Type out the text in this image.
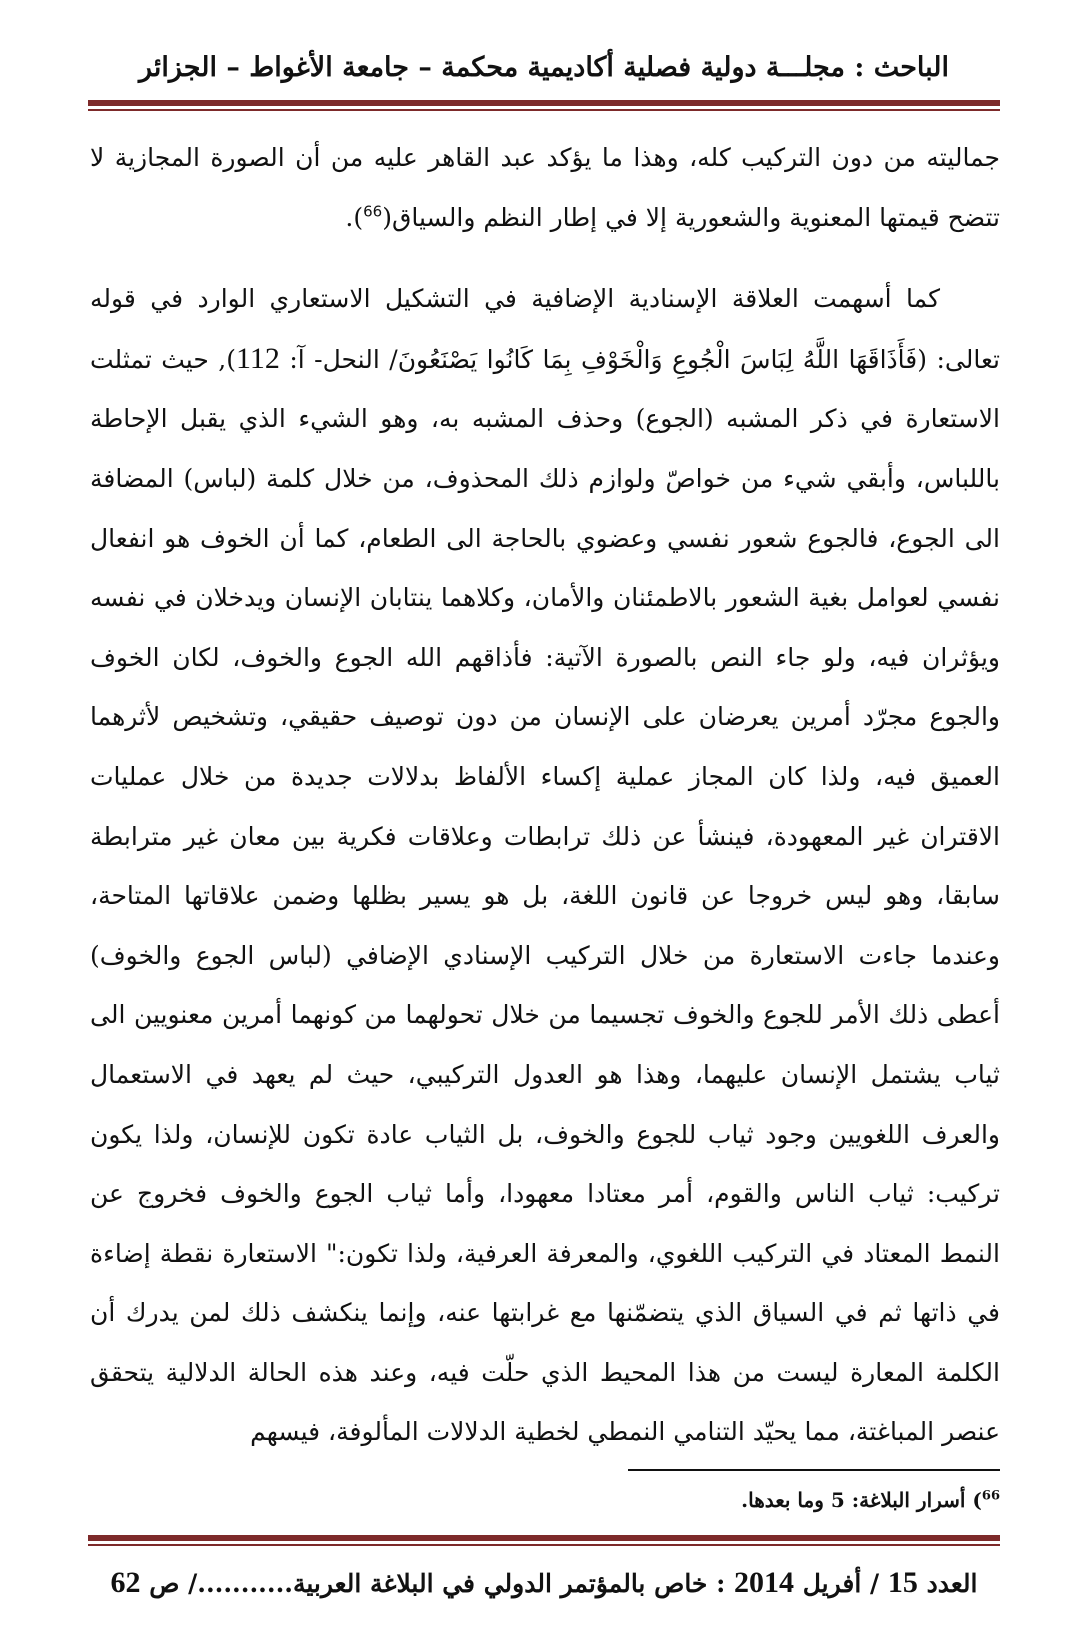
الباحث : مجلـــة دولية فصلية أكاديمية محكمة – جامعة الأغواط – الجزائر

جماليته من دون التركيب كله، وهذا ما يؤكد عبد القاهر عليه من أن الصورة المجازية لا تتضح قيمتها المعنوية والشعورية إلا في إطار النظم والسياق($^{66}$).

كما أسهمت العلاقة الإسنادية الإضافية في التشكيل الاستعاري الوارد في قوله تعالى: (فَأَذَاقَهَا اللَّهُ لِبَاسَ الْجُوعِ وَالْخَوْفِ بِمَا كَانُوا يَصْنَعُونَ/ النحل- آ: 112), حيث تمثلت الاستعارة في ذكر المشبه (الجوع) وحذف المشبه به، وهو الشيء الذي يقبل الإحاطة باللباس، وأبقي شيء من خواصّ ولوازم ذلك المحذوف، من خلال كلمة (لباس) المضافة الى الجوع، فالجوع شعور نفسي وعضوي بالحاجة الى الطعام، كما أن الخوف هو انفعال نفسي لعوامل بغية الشعور بالاطمئنان والأمان، وكلاهما ينتابان الإنسان ويدخلان في نفسه ويؤثران فيه، ولو جاء النص بالصورة الآتية: فأذاقهم الله الجوع والخوف، لكان الخوف والجوع مجرّد أمرين يعرضان على الإنسان من دون توصيف حقيقي، وتشخيص لأثرهما العميق فيه، ولذا كان المجاز عملية إكساء الألفاظ بدلالات جديدة من خلال عمليات الاقتران غير المعهودة، فينشأ عن ذلك ترابطات وعلاقات فكرية بين معان غير مترابطة سابقا، وهو ليس خروجا عن قانون اللغة، بل هو يسير بظلها وضمن علاقاتها المتاحة، وعندما جاءت الاستعارة من خلال التركيب الإسنادي الإضافي (لباس الجوع والخوف) أعطى ذلك الأمر للجوع والخوف تجسيما من خلال تحولهما من كونهما أمرين معنويين الى ثياب يشتمل الإنسان عليهما، وهذا هو العدول التركيبي، حيث لم يعهد في الاستعمال والعرف اللغويين وجود ثياب للجوع والخوف، بل الثياب عادة تكون للإنسان، ولذا يكون تركيب: ثياب الناس والقوم، أمر معتادا معهودا، وأما ثياب الجوع والخوف فخروج عن النمط المعتاد في التركيب اللغوي، والمعرفة العرفية، ولذا تكون:" الاستعارة نقطة إضاءة في ذاتها ثم في السياق الذي يتضمّنها مع غرابتها عنه، وإنما ينكشف ذلك لمن يدرك أن الكلمة المعارة ليست من هذا المحيط الذي حلّت فيه، وعند هذه الحالة الدلالية يتحقق عنصر المباغتة، مما يحيّد التنامي النمطي لخطية الدلالات المألوفة، فيسهم

$^{66}$) أسرار البلاغة: 5 وما بعدها.
العدد 15 / أفريل 2014 : خاص بالمؤتمر الدولي في البلاغة العربية.........../ ص 62
